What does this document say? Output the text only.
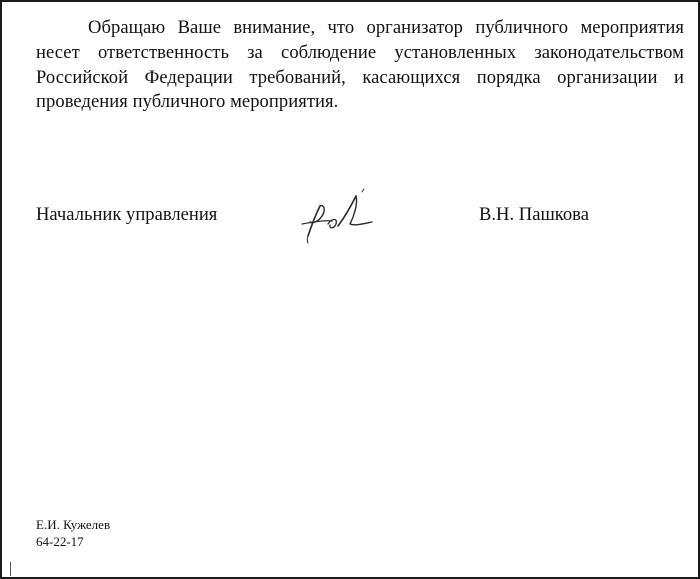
Обращаю Ваше внимание, что организатор публичного мероприятия несет ответственность за соблюдение установленных законодательством Российской Федерации требований, касающихся порядка организации и проведения публичного мероприятия.

Начальник управления	В.Н. Пашкова
Е.И. Кужелев
64-22-17
